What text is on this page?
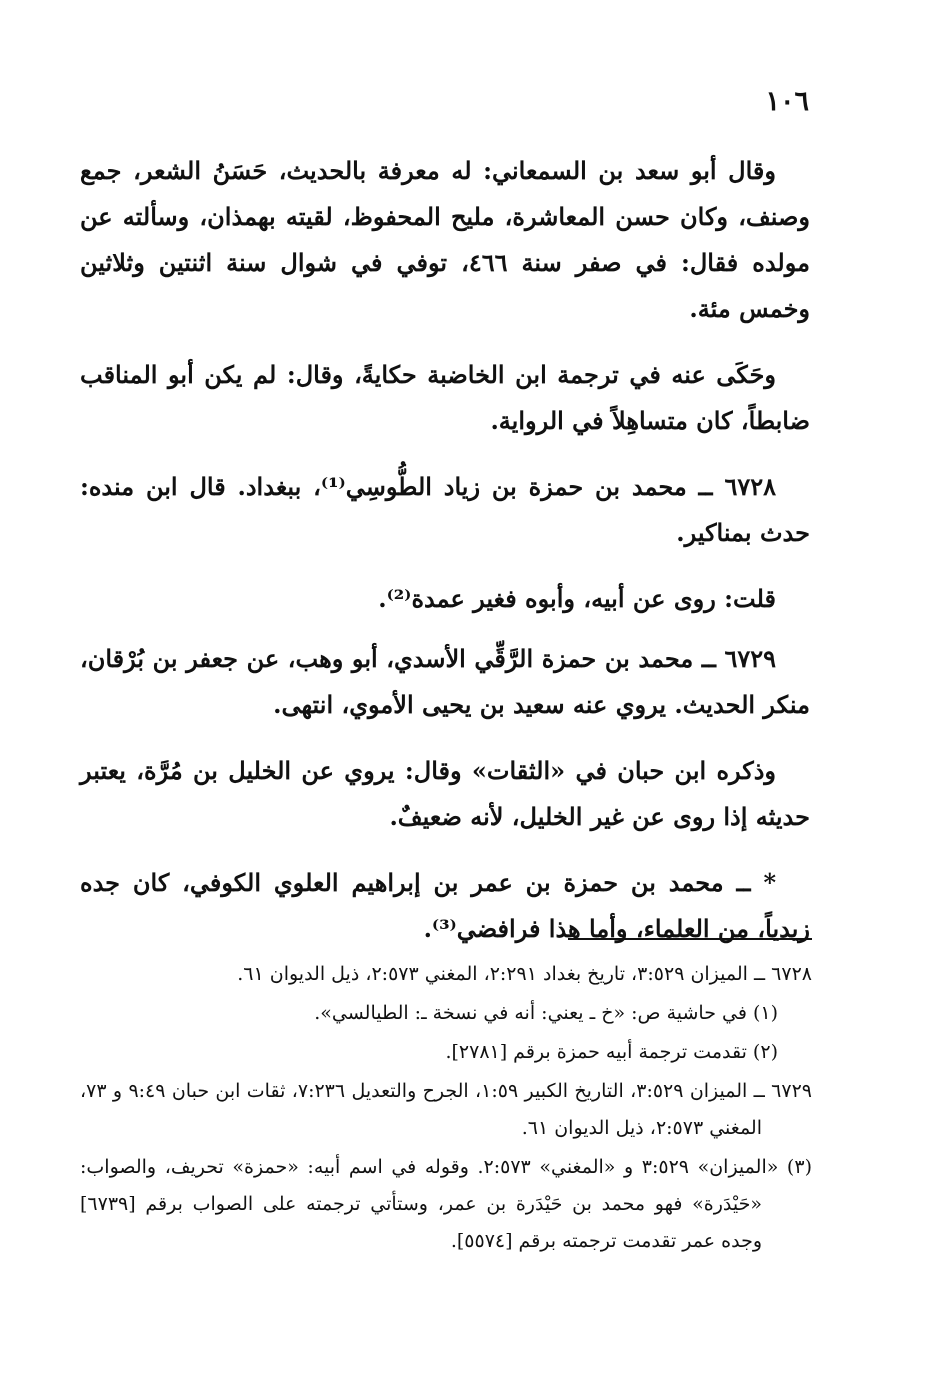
١٠٦

وقال أبو سعد بن السمعاني: له معرفة بالحديث، حَسَنُ الشعر، جمع وصنف، وكان حسن المعاشرة، مليح المحفوظ، لقيته بهمذان، وسألته عن مولده فقال: في صفر سنة ٤٦٦، توفي في شوال سنة اثنتين وثلاثين وخمس مئة.

وحَكَى عنه في ترجمة ابن الخاضبة حكايةً، وقال: لم يكن أبو المناقب ضابطاً، كان متساهِلاً في الرواية.

٦٧٢٨ ــ محمد بن حمزة بن زياد الطُّوسِي⁽¹⁾، ببغداد. قال ابن منده: حدث بمناكير.

قلت: روى عن أبيه، وأبوه فغير عمدة⁽²⁾.

٦٧٢٩ ــ محمد بن حمزة الرَّقِّي الأسدي، أبو وهب، عن جعفر بن بُرْقان، منكر الحديث. يروي عنه سعيد بن يحيى الأموي، انتهى.

وذكره ابن حبان في «الثقات» وقال: يروي عن الخليل بن مُرَّة، يعتبر حديثه إذا روى عن غير الخليل، لأنه ضعيفٌ.

* ــ محمد بن حمزة بن عمر بن إبراهيم العلوي الكوفي، كان جده زيدياً، من العلماء، وأما هذا فرافضي⁽³⁾.

٦٧٢٨ ــ الميزان ٣:٥٢٩، تاريخ بغداد ٢:٢٩١، المغني ٢:٥٧٣، ذيل الديوان ٦١.

(١) في حاشية ص: «خ ـ يعني: أنه في نسخة ـ: الطيالسي».

(٢) تقدمت ترجمة أبيه حمزة برقم [٢٧٨١].

٦٧٢٩ ــ الميزان ٣:٥٢٩، التاريخ الكبير ١:٥٩، الجرح والتعديل ٧:٢٣٦، ثقات ابن حبان ٩:٤٩ و ٧٣، المغني ٢:٥٧٣، ذيل الديوان ٦١.

(٣) «الميزان» ٣:٥٢٩ و «المغني» ٢:٥٧٣. وقوله في اسم أبيه: «حمزة» تحريف، والصواب: «حَيْدَرة» فهو محمد بن حَيْدَرة بن عمر، وستأتي ترجمته على الصواب برقم [٦٧٣٩] وجده عمر تقدمت ترجمته برقم [٥٥٧٤].
